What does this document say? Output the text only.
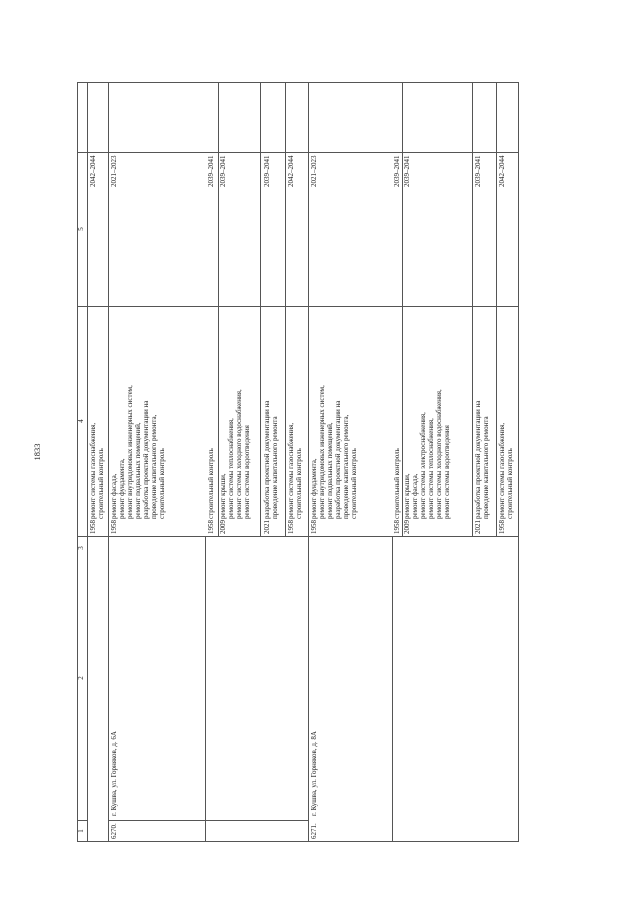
1833
1
2
3
4
5
1958
ремонт системы газоснабжения, строительный контроль
2042–2044
6270.
г. Кушва, ул. Горняков, д. 6А
1958
ремонт фасада, ремонт фундамента, ремонт внутридомовых инженерных систем, ремонт подвальных помещений, разработка проектной документации на проведение капитального ремонта, строительный контроль
2021–2023
1958
строительный контроль
2039–2041
2009
ремонт крыши, ремонт системы теплоснабжения, ремонт системы холодного водоснабжения, ремонт системы водоотведения
2039–2041
2021
разработка проектной документации на проведение капитального ремонта
2039–2041
1958
ремонт системы газоснабжения, строительный контроль
2042–2044
6271.
г. Кушва, ул. Горняков, д. 8А
1958
ремонт фундамента, ремонт внутридомовых инженерных систем, ремонт подвальных помещений, разработка проектной документации на проведение капитального ремонта, строительный контроль
2021–2023
1958
строительный контроль
2039–2041
2009
ремонт крыши, ремонт фасада, ремонт системы электроснабжения, ремонт системы теплоснабжения, ремонт системы холодного водоснабжения, ремонт системы водоотведения
2039–2041
2021
разработка проектной документации на проведение капитального ремонта
2039–2041
1958
ремонт системы газоснабжения, строительный контроль
2042–2044
